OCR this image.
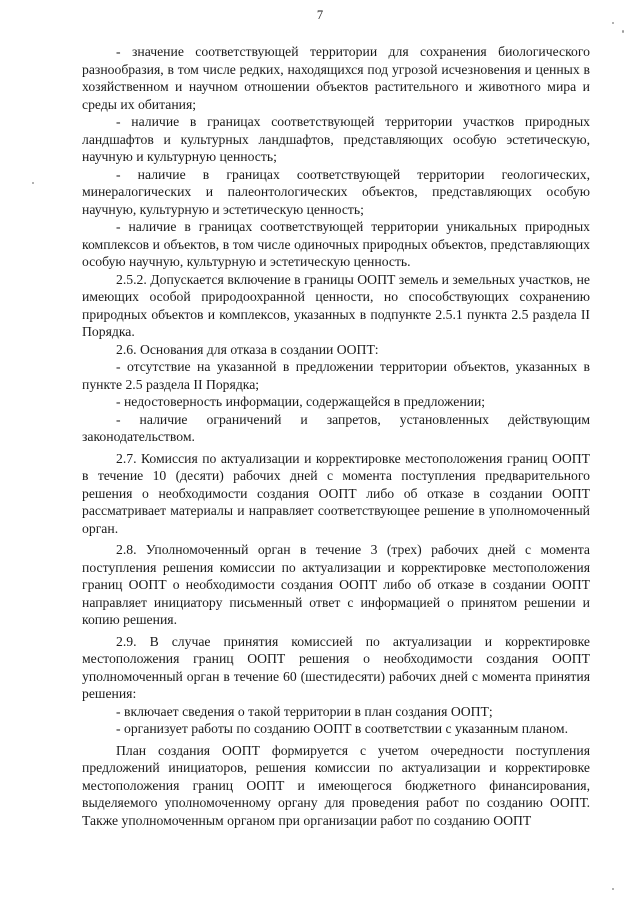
7

- значение соответствующей территории для сохранения биологического разнообразия, в том числе редких, находящихся под угрозой исчезновения и ценных в хозяйственном и научном отношении объектов растительного и животного мира и среды их обитания;

- наличие в границах соответствующей территории участков природных ландшафтов и культурных ландшафтов, представляющих особую эстетическую, научную и культурную ценность;

- наличие в границах соответствующей территории геологических, минералогических и палеонтологических объектов, представляющих особую научную, культурную и эстетическую ценность;

- наличие в границах соответствующей территории уникальных природных комплексов и объектов, в том числе одиночных природных объектов, представляющих особую научную, культурную и эстетическую ценность.

2.5.2. Допускается включение в границы ООПТ земель и земельных участков, не имеющих особой природоохранной ценности, но способствующих сохранению природных объектов и комплексов, указанных в подпункте 2.5.1 пункта 2.5 раздела II Порядка.

2.6. Основания для отказа в создании ООПТ:

- отсутствие на указанной в предложении территории объектов, указанных в пункте 2.5 раздела II Порядка;

- недостоверность информации, содержащейся в предложении;

- наличие ограничений и запретов, установленных действующим законодательством.

2.7. Комиссия по актуализации и корректировке местоположения границ ООПТ в течение 10 (десяти) рабочих дней с момента поступления предварительного решения о необходимости создания ООПТ либо об отказе в создании ООПТ рассматривает материалы и направляет соответствующее решение в уполномоченный орган.

2.8. Уполномоченный орган в течение 3 (трех) рабочих дней с момента поступления решения комиссии по актуализации и корректировке местоположения границ ООПТ о необходимости создания ООПТ либо об отказе в создании ООПТ направляет инициатору письменный ответ с информацией о принятом решении и копию решения.

2.9. В случае принятия комиссией по актуализации и корректировке местоположения границ ООПТ решения о необходимости создания ООПТ уполномоченный орган в течение 60 (шестидесяти) рабочих дней с момента принятия решения:

- включает сведения о такой территории в план создания ООПТ;

- организует работы по созданию ООПТ в соответствии с указанным планом.

План создания ООПТ формируется с учетом очередности поступления предложений инициаторов, решения комиссии по актуализации и корректировке местоположения границ ООПТ и имеющегося бюджетного финансирования, выделяемого уполномоченному органу для проведения работ по созданию ООПТ. Также уполномоченным органом при организации работ по созданию ООПТ
